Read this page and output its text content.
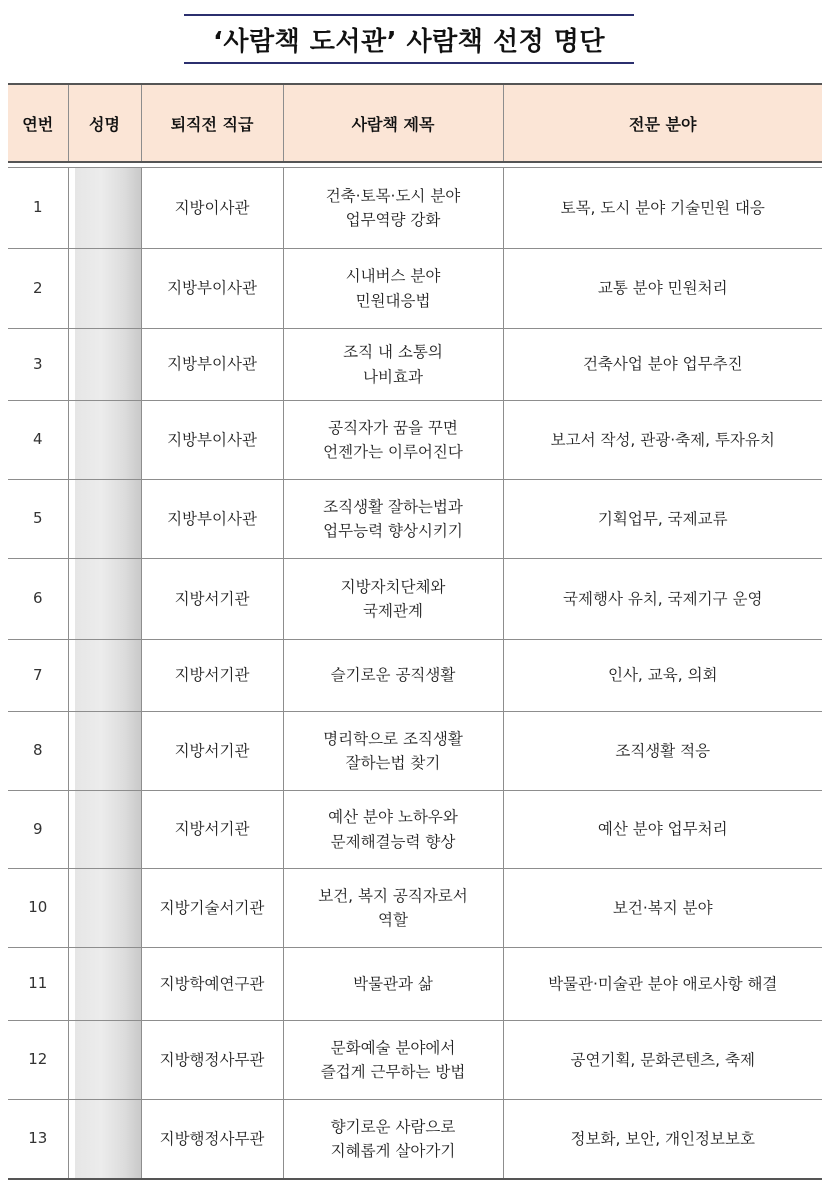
‘사람책 도서관’ 사람책 선정 명단
연번	성명	퇴직전 직급	사람책 제목	전문 분야

1		지방이사관	건축·토목·도시 분야
업무역량 강화	토목, 도시 분야 기술민원 대응
2		지방부이사관	시내버스 분야
민원대응법	교통 분야 민원처리
3		지방부이사관	조직 내 소통의
나비효과	건축사업 분야 업무추진
4		지방부이사관	공직자가 꿈을 꾸면
언젠가는 이루어진다	보고서 작성, 관광·축제, 투자유치
5		지방부이사관	조직생활 잘하는법과
업무능력 향상시키기	기획업무, 국제교류
6		지방서기관	지방자치단체와
국제관계	국제행사 유치, 국제기구 운영
7		지방서기관	슬기로운 공직생활	인사, 교육, 의회
8		지방서기관	명리학으로 조직생활
잘하는법 찾기	조직생활 적응
9		지방서기관	예산 분야 노하우와
문제해결능력 향상	예산 분야 업무처리
10		지방기술서기관	보건, 복지 공직자로서
역할	보건·복지 분야
11		지방학예연구관	박물관과 삶	박물관·미술관 분야 애로사항 해결
12		지방행정사무관	문화예술 분야에서
즐겁게 근무하는 방법	공연기획, 문화콘텐츠, 축제
13		지방행정사무관	향기로운 사람으로
지혜롭게 살아가기	정보화, 보안, 개인정보보호
